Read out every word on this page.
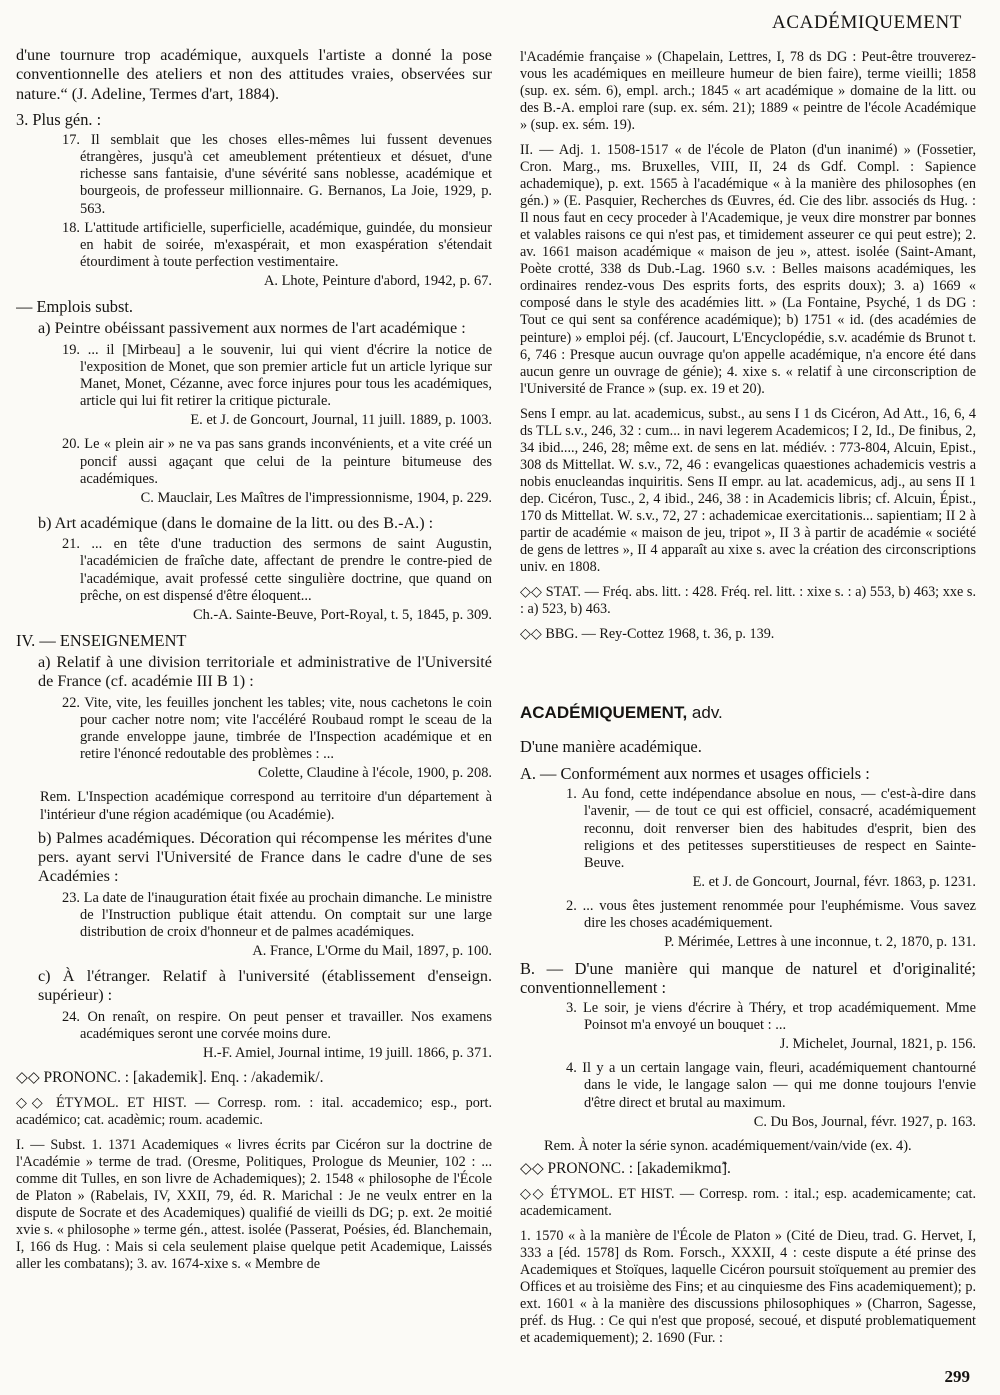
ACADÉMIQUEMENT

d'une tournure trop académique, auxquels l'artiste a donné la pose conventionnelle des ateliers et non des attitudes vraies, observées sur nature.“ (J. Adeline, Termes d'art, 1884).

3. Plus gén. :

17. Il semblait que les choses elles-mêmes lui fussent devenues étrangères, jusqu'à cet ameublement prétentieux et désuet, d'une richesse sans fantaisie, d'une sévérité sans noblesse, académique et bourgeois, de professeur millionnaire. G. Bernanos, La Joie, 1929, p. 563.

18. L'attitude artificielle, superficielle, académique, guindée, du monsieur en habit de soirée, m'exaspérait, et mon exaspération s'étendait étourdiment à toute perfection vestimentaire.

A. Lhote, Peinture d'abord, 1942, p. 67.

— Emplois subst.

a) Peintre obéissant passivement aux normes de l'art académique :

19. ... il [Mirbeau] a le souvenir, lui qui vient d'écrire la notice de l'exposition de Monet, que son premier article fut un article lyrique sur Manet, Monet, Cézanne, avec force injures pour tous les académiques, article qui lui fit retirer la critique picturale.

E. et J. de Goncourt, Journal, 11 juill. 1889, p. 1003.

20. Le « plein air » ne va pas sans grands inconvénients, et a vite créé un poncif aussi agaçant que celui de la peinture bitumeuse des académiques.

C. Mauclair, Les Maîtres de l'impressionnisme, 1904, p. 229.

b) Art académique (dans le domaine de la litt. ou des B.-A.) :

21. ... en tête d'une traduction des sermons de saint Augustin, l'académicien de fraîche date, affectant de prendre le contre-pied de l'académique, avait professé cette singulière doctrine, que quand on prêche, on est dispensé d'être éloquent...

Ch.-A. Sainte-Beuve, Port-Royal, t. 5, 1845, p. 309.

IV. — ENSEIGNEMENT

a) Relatif à une division territoriale et administrative de l'Université de France (cf. académie III B 1) :

22. Vite, vite, les feuilles jonchent les tables; vite, nous cachetons le coin pour cacher notre nom; vite l'accéléré Roubaud rompt le sceau de la grande enveloppe jaune, timbrée de l'Inspection académique et en retire l'énoncé redoutable des problèmes : ...

Colette, Claudine à l'école, 1900, p. 208.

Rem. L'Inspection académique correspond au territoire d'un département à l'intérieur d'une région académique (ou Académie).

b) Palmes académiques. Décoration qui récompense les mérites d'une pers. ayant servi l'Université de France dans le cadre d'une de ses Académies :

23. La date de l'inauguration était fixée au prochain dimanche. Le ministre de l'Instruction publique était attendu. On comptait sur une large distribution de croix d'honneur et de palmes académiques.

A. France, L'Orme du Mail, 1897, p. 100.

c) À l'étranger. Relatif à l'université (établissement d'enseign. supérieur) :

24. On renaît, on respire. On peut penser et travailler. Nos examens académiques seront une corvée moins dure.

H.-F. Amiel, Journal intime, 19 juill. 1866, p. 371.

◇◇ PRONONC. : [akademik]. Enq. : /akademik/.

◇◇ ÉTYMOL. ET HIST. — Corresp. rom. : ital. accademico; esp., port. académico; cat. acadèmic; roum. academic.

I. — Subst. 1. 1371 Academiques « livres écrits par Cicéron sur la doctrine de l'Académie » terme de trad. (Oresme, Politiques, Prologue ds Meunier, 102 : ... comme dit Tulles, en son livre de Achademiques); 2. 1548 « philosophe de l'École de Platon » (Rabelais, IV, XXII, 79, éd. R. Marichal : Je ne veulx entrer en la dispute de Socrate et des Academiques) qualifié de vieilli ds DG; p. ext. 2e moitié xvie s. « philosophe » terme gén., attest. isolée (Passerat, Poésies, éd. Blanchemain, I, 166 ds Hug. : Mais si cela seulement plaise quelque petit Academique, Laissés aller les combatans); 3. av. 1674-xixe s. « Membre de

l'Académie française » (Chapelain, Lettres, I, 78 ds DG : Peut-être trouverez-vous les académiques en meilleure humeur de bien faire), terme vieilli; 1858 (sup. ex. sém. 6), empl. arch.; 1845 « art académique » domaine de la litt. ou des B.-A. emploi rare (sup. ex. sém. 21); 1889 « peintre de l'école Académique » (sup. ex. sém. 19).

II. — Adj. 1. 1508-1517 « de l'école de Platon (d'un inanimé) » (Fossetier, Cron. Marg., ms. Bruxelles, VIII, II, 24 ds Gdf. Compl. : Sapience achademique), p. ext. 1565 à l'académique « à la manière des philosophes (en gén.) » (E. Pasquier, Recherches ds Œuvres, éd. Cie des libr. associés ds Hug. : Il nous faut en cecy proceder à l'Academique, je veux dire monstrer par bonnes et valables raisons ce qui n'est pas, et timidement asseurer ce qui peut estre); 2. av. 1661 maison académique « maison de jeu », attest. isolée (Saint-Amant, Poète crotté, 338 ds Dub.-Lag. 1960 s.v. : Belles maisons académiques, les ordinaires rendez-vous Des esprits forts, des esprits doux); 3. a) 1669 « composé dans le style des académies litt. » (La Fontaine, Psyché, 1 ds DG : Tout ce qui sent sa conférence académique); b) 1751 « id. (des académies de peinture) » emploi péj. (cf. Jaucourt, L'Encyclopédie, s.v. académie ds Brunot t. 6, 746 : Presque aucun ouvrage qu'on appelle académique, n'a encore été dans aucun genre un ouvrage de génie); 4. xixe s. « relatif à une circonscription de l'Université de France » (sup. ex. 19 et 20).

Sens I empr. au lat. academicus, subst., au sens I 1 ds Cicéron, Ad Att., 16, 6, 4 ds TLL s.v., 246, 32 : cum... in navi legerem Academicos; I 2, Id., De finibus, 2, 34 ibid...., 246, 28; même ext. de sens en lat. médiév. : 773-804, Alcuin, Epist., 308 ds Mittellat. W. s.v., 72, 46 : evangelicas quaestiones achademicis vestris a nobis enucleandas inquiritis. Sens II empr. au lat. academicus, adj., au sens II 1 dep. Cicéron, Tusc., 2, 4 ibid., 246, 38 : in Academicis libris; cf. Alcuin, Épist., 170 ds Mittellat. W. s.v., 72, 27 : achademicae exercitationis... sapientiam; II 2 à partir de académie « maison de jeu, tripot », II 3 à partir de académie « société de gens de lettres », II 4 apparaît au xixe s. avec la création des circonscriptions univ. en 1808.

◇◇ STAT. — Fréq. abs. litt. : 428. Fréq. rel. litt. : xixe s. : a) 553, b) 463; xxe s. : a) 523, b) 463.

◇◇ BBG. — Rey-Cottez 1968, t. 36, p. 139.

ACADÉMIQUEMENT, adv.

D'une manière académique.

A. — Conformément aux normes et usages officiels :

1. Au fond, cette indépendance absolue en nous, — c'est-à-dire dans l'avenir, — de tout ce qui est officiel, consacré, académiquement reconnu, doit renverser bien des habitudes d'esprit, bien des religions et des petitesses superstitieuses de respect en Sainte-Beuve.

E. et J. de Goncourt, Journal, févr. 1863, p. 1231.

2. ... vous êtes justement renommée pour l'euphémisme. Vous savez dire les choses académiquement.

P. Mérimée, Lettres à une inconnue, t. 2, 1870, p. 131.

B. — D'une manière qui manque de naturel et d'originalité; conventionnellement :

3. Le soir, je viens d'écrire à Théry, et trop académiquement. Mme Poinsot m'a envoyé un bouquet : ...

J. Michelet, Journal, 1821, p. 156.

4. Il y a un certain langage vain, fleuri, académiquement chantourné dans le vide, le langage salon — qui me donne toujours l'envie d'être direct et brutal au maximum.

C. Du Bos, Journal, févr. 1927, p. 163.

Rem. À noter la série synon. académiquement/vain/vide (ex. 4).

◇◇ PRONONC. : [akademikmɑ̃].

◇◇ ÉTYMOL. ET HIST. — Corresp. rom. : ital.; esp. academicamente; cat. academicament.

1. 1570 « à la manière de l'École de Platon » (Cité de Dieu, trad. G. Hervet, I, 333 a [éd. 1578] ds Rom. Forsch., XXXII, 4 : ceste dispute a été prinse des Academiques et Stoïques, laquelle Cicéron poursuit stoïquement au premier des Offices et au troisième des Fins; et au cinquiesme des Fins academiquement); p. ext. 1601 « à la manière des discussions philosophiques » (Charron, Sagesse, préf. ds Hug. : Ce qui n'est que proposé, secoué, et disputé problematiquement et academiquement); 2. 1690 (Fur. :

299
